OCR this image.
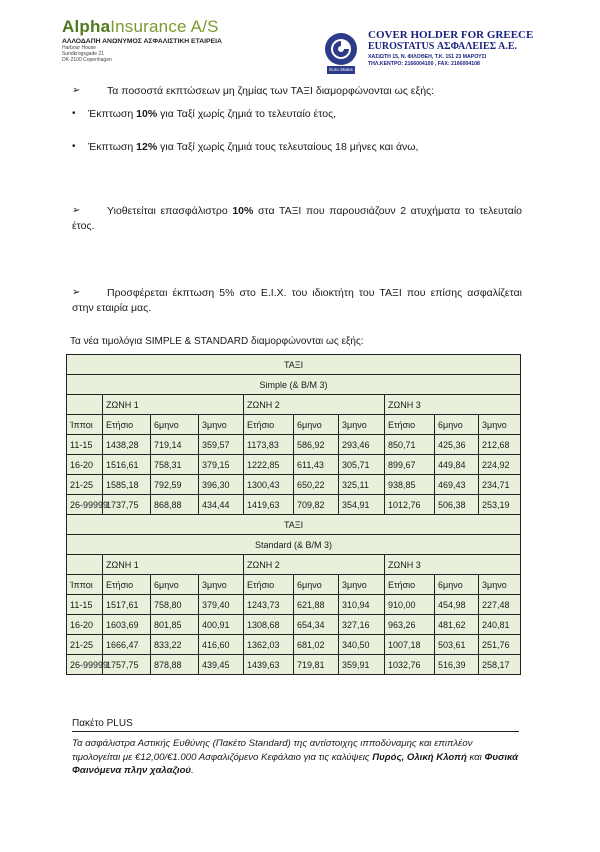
AlphaInsurance A/S
ΑΛΛΟΔΑΠΗ ΑΝΩΝΥΜΟΣ ΑΣΦΑΛΙΣΤΙΚΗ ΕΤΑΙΡΕΙΑ
Harbour House
Sundkrogsgade 21
DK-2100 Copenhagen
Euro Status
COVER HOLDER FOR GREECE
EUROSTATUS ΑΣΦΑΛΕΙΕΣ Α.Ε.
ΧΑΣΙΩΤΗ 15, Ν. ΦΙΛΟΘΕΗ, Τ.Κ. 151 23 ΜΑΡΟΥΣΙ
ΤΗΛ.ΚΕΝΤΡΟ: 2166004100 , FAX: 2166004108
➢	Τα ποσοστά εκπτώσεων μη ζημίας των ΤΑΞΙ διαμορφώνονται ως εξής:
• Έκπτωση 10% για Ταξί χωρίς ζημιά το τελευταίο έτος,
• Έκπτωση 12% για Ταξί χωρίς ζημιά τους τελευταίους 18 μήνες και άνω,
➢	Υιοθετείται επασφάλιστρο 10% στα ΤΑΞΙ που παρουσιάζουν 2 ατυχήματα το τελευταίο έτος.
➢	Προσφέρεται έκπτωση 5% στο Ε.Ι.Χ. του ιδιοκτήτη του ΤΑΞΙ που επίσης ασφαλίζεται στην εταιρία μας.
Τα νέα τιμολόγια SIMPLE & STANDARD διαμορφώνονται ως εξής:
ΤΑΞΙ									
Simple (& B/M 3)									
	ΖΩΝΗ 1			ΖΩΝΗ 2			ΖΩΝΗ 3		
Ίπποι	Ετήσιο	6μηνο	3μηνο	Ετήσιο	6μηνο	3μηνο	Ετήσιο	6μηνο	3μηνο
11-15	1438,28	719,14	359,57	1173,83	586,92	293,46	850,71	425,36	212,68
16-20	1516,61	758,31	379,15	1222,85	611,43	305,71	899,67	449,84	224,92
21-25	1585,18	792,59	396,30	1300,43	650,22	325,11	938,85	469,43	234,71
26-99999	1737,75	868,88	434,44	1419,63	709,82	354,91	1012,76	506,38	253,19
ΤΑΞΙ									
Standard (& B/M 3)									
	ΖΩΝΗ 1			ΖΩΝΗ 2			ΖΩΝΗ 3		
Ίπποι	Ετήσιο	6μηνο	3μηνο	Ετήσιο	6μηνο	3μηνο	Ετήσιο	6μηνο	3μηνο
11-15	1517,61	758,80	379,40	1243,73	621,88	310,94	910,00	454,98	227,48
16-20	1603,69	801,85	400,91	1308,68	654,34	327,16	963,26	481,62	240,81
21-25	1666,47	833,22	416,60	1362,03	681,02	340,50	1007,18	503,61	251,76
26-99999	1757,75	878,88	439,45	1439,63	719,81	359,91	1032,76	516,39	258,17
Πακέτο PLUS
Τα ασφάλιστρα Αστικής Ευθύνης (Πακέτο Standard) της αντίστοιχης ιπποδύναμης και επιπλέον τιμολογείται με €12,00/€1.000 Ασφαλιζόμενο Κεφάλαιο για τις καλύψεις Πυρός, Ολική Κλοπή και Φυσικά Φαινόμενα πλην χαλαζιού.
